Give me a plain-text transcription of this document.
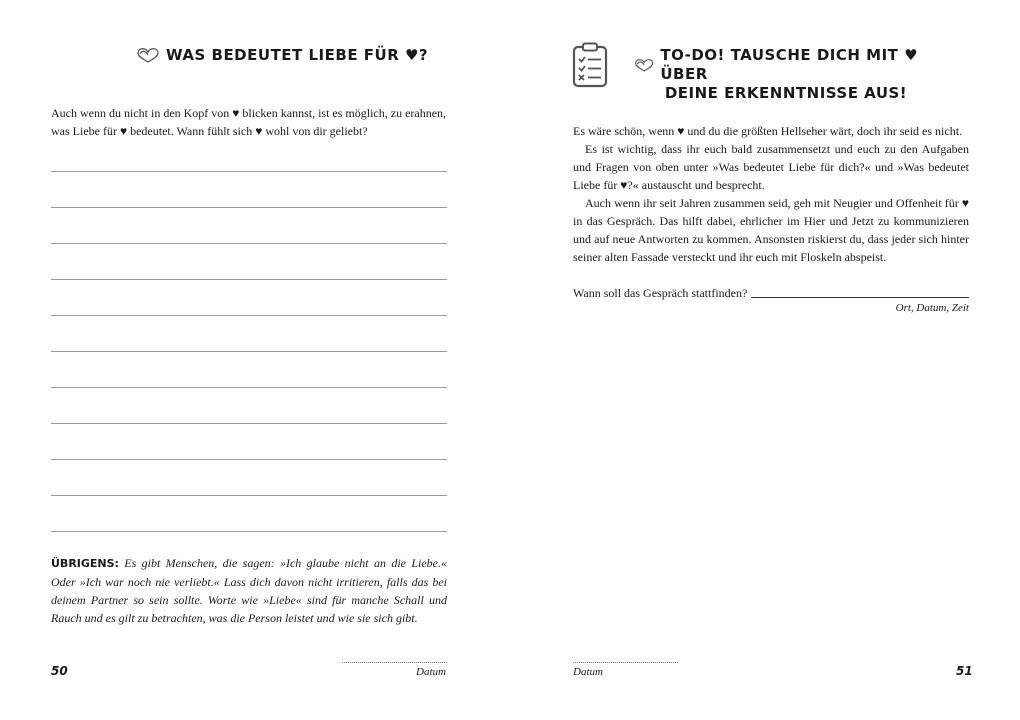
WAS BEDEUTET LIEBE FÜR ♥?
Auch wenn du nicht in den Kopf von ♥ blicken kannst, ist es möglich, zu erahnen, was Liebe für ♥ bedeutet. Wann fühlt sich ♥ wohl von dir geliebt?
ÜBRIGENS: Es gibt Menschen, die sagen: »Ich glaube nicht an die Liebe.« Oder »Ich war noch nie verliebt.« Lass dich davon nicht irritieren, falls das bei deinem Partner so sein sollte. Worte wie »Liebe« sind für manche Schall und Rauch und es gilt zu betrachten, was die Person leistet und wie sie sich gibt.
50	Datum
TO-DO! TAUSCHE DICH MIT ♥ ÜBER
DEINE ERKENNTNISSE AUS!

Es wäre schön, wenn ♥ und du die größten Hellseher wärt, doch ihr seid es nicht.

Es ist wichtig, dass ihr euch bald zusammensetzt und euch zu den Aufgaben und Fragen von oben unter »Was bedeutet Liebe für dich?« und »Was bedeutet Liebe für ♥?« austauscht und besprecht.

Auch wenn ihr seit Jahren zusammen seid, geh mit Neugier und Offenheit für ♥ in das Gespräch. Das hilft dabei, ehrlicher im Hier und Jetzt zu kommunizieren und auf neue Antworten zu kommen. Ansonsten riskierst du, dass jeder sich hinter seiner alten Fassade versteckt und ihr euch mit Floskeln abspeist.

Wann soll das Gespräch stattfinden?
Ort, Datum, Zeit
Datum	51
